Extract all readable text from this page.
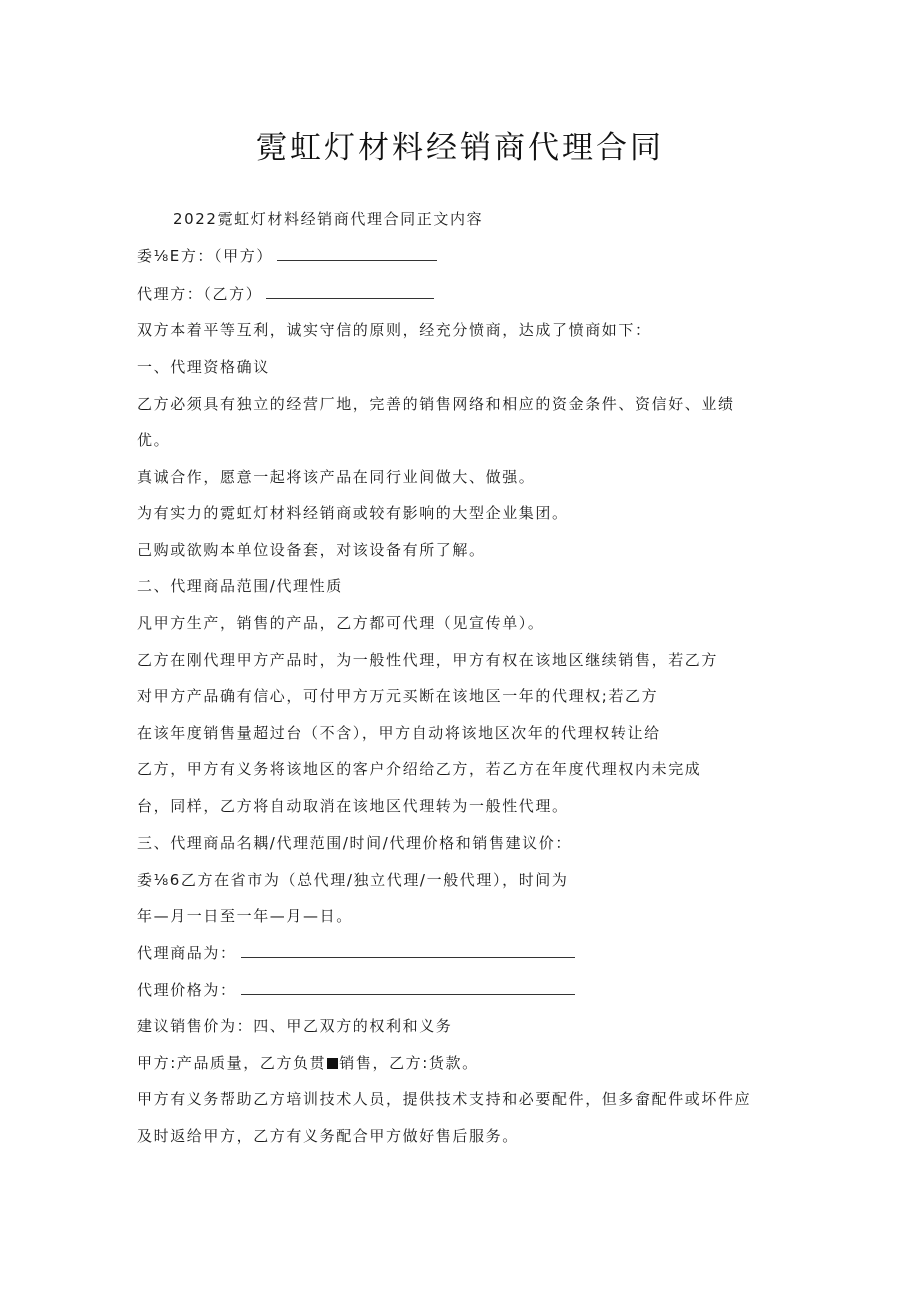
霓虹灯材料经销商代理合同
2022霓虹灯材料经销商代理合同正文内容
委⅛E方：（甲方）
代理方：（乙方）
双方本着平等互利，诚实守信的原则，经充分愤商，达成了愤商如下：
一、代理资格确议
乙方必须具有独立的经营厂地，完善的销售网络和相应的资金条件、资信好、业绩
优。
真诚合作，愿意一起将该产品在同行业间做大、做强。
为有实力的霓虹灯材料经销商或较有影响的大型企业集团。
己购或欲购本单位设备套，对该设备有所了解。
二、代理商品范围/代理性质
凡甲方生产，销售的产品，乙方都可代理（见宣传单）。
乙方在刚代理甲方产品时，为一般性代理，甲方有权在该地区继续销售，若乙方
对甲方产品确有信心，可付甲方万元买断在该地区一年的代理权;若乙方
在该年度销售量超过台（不含），甲方自动将该地区次年的代理权转让给
乙方，甲方有义务将该地区的客户介绍给乙方，若乙方在年度代理权内未完成
台，同样，乙方将自动取消在该地区代理转为一般性代理。
三、代理商品名耦/代理范围/时间/代理价格和销售建议价：
委⅛6乙方在省市为（总代理/独立代理/一般代理），时间为
年—月一日至一年—月—日。
代理商品为：
代理价格为：
建议销售价为：四、甲乙双方的权利和义务
甲方:产品质量，乙方负贯 销售，乙方:货款。
甲方有义务帮助乙方培训技术人员，提供技术支持和必要配件，但多畲配件或坏件应
及时返给甲方，乙方有义务配合甲方做好售后服务。
